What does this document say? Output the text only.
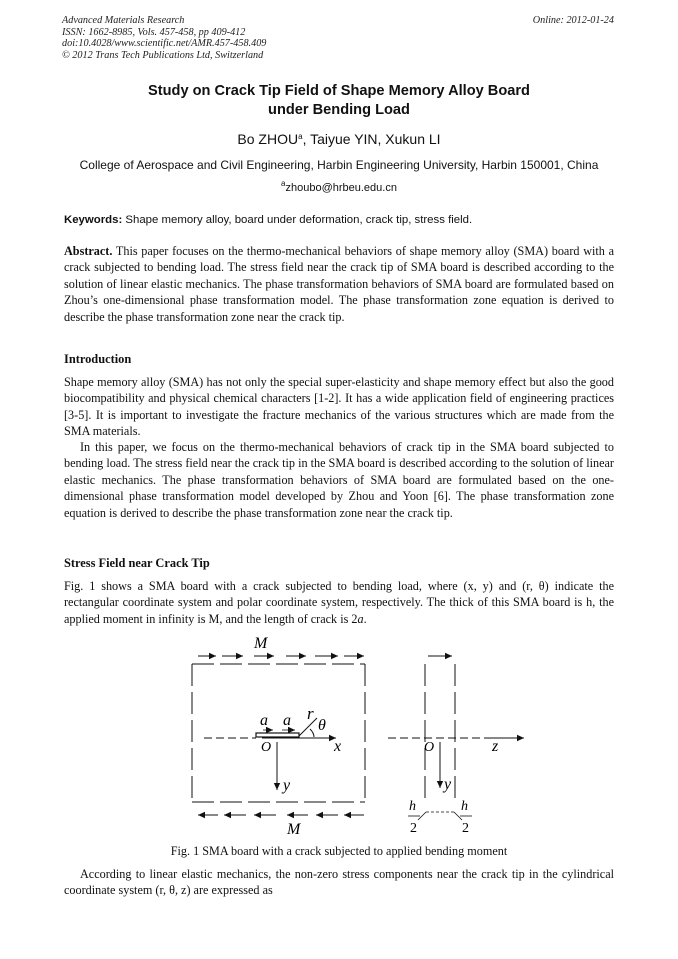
Advanced Materials Research
ISSN: 1662-8985, Vols. 457-458, pp 409-412
doi:10.4028/www.scientific.net/AMR.457-458.409
© 2012 Trans Tech Publications Ltd, Switzerland
Online: 2012-01-24
Study on Crack Tip Field of Shape Memory Alloy Board
under Bending Load
Bo ZHOU$^a$, Taiyue YIN, Xukun LI
College of Aerospace and Civil Engineering, Harbin Engineering University, Harbin 150001, China
$^a$zhoubo@hrbeu.edu.cn
Keywords: Shape memory alloy, board under deformation, crack tip, stress field.
Abstract. This paper focuses on the thermo-mechanical behaviors of shape memory alloy (SMA) board with a crack subjected to bending load. The stress field near the crack tip of SMA board is described according to the solution of linear elastic mechanics. The phase transformation behaviors of SMA board are formulated based on Zhou’s one-dimensional phase transformation model. The phase transformation zone equation is derived to describe the phase transformation zone near the crack tip.
Introduction
Shape memory alloy (SMA) has not only the special super-elasticity and shape memory effect but also the good biocompatibility and physical chemical characters [1-2]. It has a wide application field of engineering practices [3-5]. It is important to investigate the fracture mechanics of the various structures which are made from the SMA materials.
In this paper, we focus on the thermo-mechanical behaviors of crack tip in the SMA board subjected to bending load. The stress field near the crack tip in the SMA board is described according to the solution of linear elastic mechanics. The phase transformation behaviors of SMA board are formulated based on the one-dimensional phase transformation model developed by Zhou and Yoon [6]. The phase transformation zone equation is derived to describe the phase transformation zone near the crack tip.
Stress Field near Crack Tip
Fig. 1 shows a SMA board with a crack subjected to bending load, where (x, y) and (r, θ) indicate the rectangular coordinate system and polar coordinate system, respectively. The thick of this SMA board is h, the applied moment in infinity is M, and the length of crack is 2a.
M
M
a a r
θ
O	x
y
O	z
y
h
2
h
2
Fig. 1 SMA board with a crack subjected to applied bending moment
According to linear elastic mechanics, the non-zero stress components near the crack tip in the cylindrical coordinate system (r, θ, z) are expressed as
